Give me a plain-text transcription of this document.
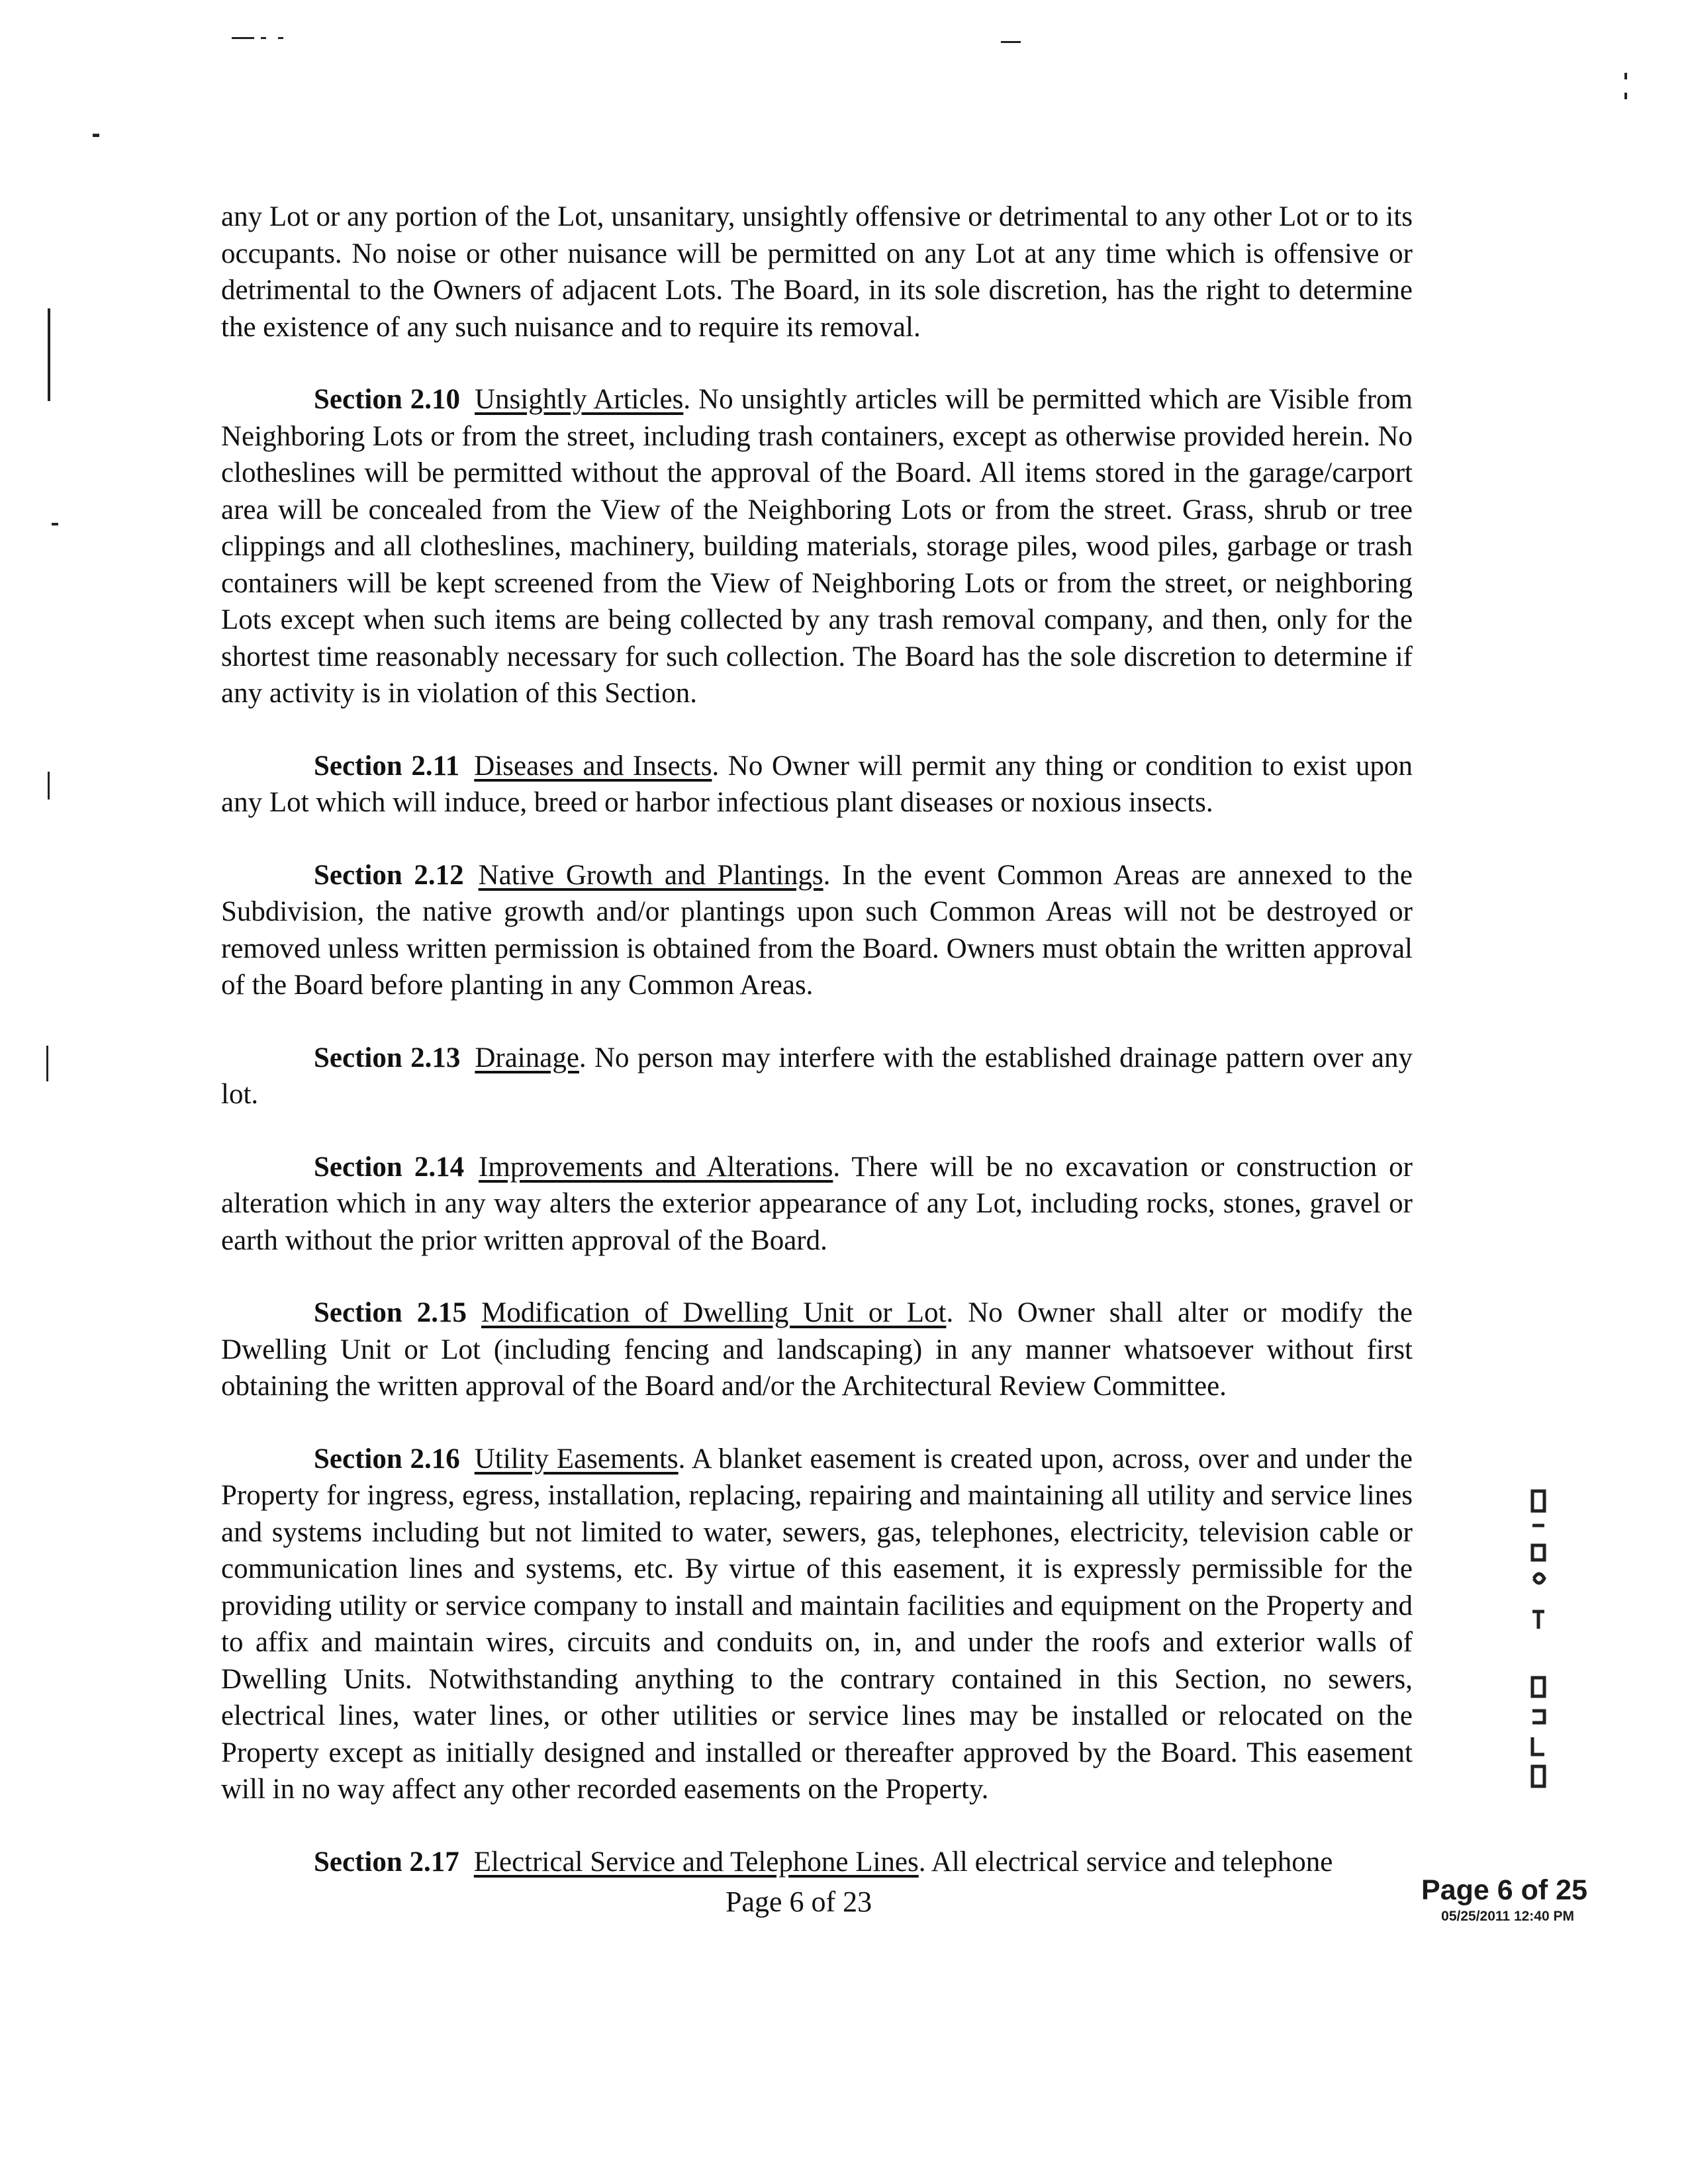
any Lot or any portion of the Lot, unsanitary, unsightly offensive or detrimental to any other Lot or to its occupants. No noise or other nuisance will be permitted on any Lot at any time which is offensive or detrimental to the Owners of adjacent Lots. The Board, in its sole discretion, has the right to determine the existence of any such nuisance and to require its removal.

Section 2.10 Unsightly Articles. No unsightly articles will be permitted which are Visible from Neighboring Lots or from the street, including trash containers, except as otherwise provided herein. No clotheslines will be permitted without the approval of the Board. All items stored in the garage/carport area will be concealed from the View of the Neighboring Lots or from the street. Grass, shrub or tree clippings and all clotheslines, machinery, building materials, storage piles, wood piles, garbage or trash containers will be kept screened from the View of Neighboring Lots or from the street, or neighboring Lots except when such items are being collected by any trash removal company, and then, only for the shortest time reasonably necessary for such collection. The Board has the sole discretion to determine if any activity is in violation of this Section.

Section 2.11 Diseases and Insects. No Owner will permit any thing or condition to exist upon any Lot which will induce, breed or harbor infectious plant diseases or noxious insects.

Section 2.12 Native Growth and Plantings. In the event Common Areas are annexed to the Subdivision, the native growth and/or plantings upon such Common Areas will not be destroyed or removed unless written permission is obtained from the Board. Owners must obtain the written approval of the Board before planting in any Common Areas.

Section 2.13 Drainage. No person may interfere with the established drainage pattern over any lot.

Section 2.14 Improvements and Alterations. There will be no excavation or construction or alteration which in any way alters the exterior appearance of any Lot, including rocks, stones, gravel or earth without the prior written approval of the Board.

Section 2.15 Modification of Dwelling Unit or Lot. No Owner shall alter or modify the Dwelling Unit or Lot (including fencing and landscaping) in any manner whatsoever without first obtaining the written approval of the Board and/or the Architectural Review Committee.

Section 2.16 Utility Easements. A blanket easement is created upon, across, over and under the Property for ingress, egress, installation, replacing, repairing and maintaining all utility and service lines and systems including but not limited to water, sewers, gas, telephones, electricity, television cable or communication lines and systems, etc. By virtue of this easement, it is expressly permissible for the providing utility or service company to install and maintain facilities and equipment on the Property and to affix and maintain wires, circuits and conduits on, in, and under the roofs and exterior walls of Dwelling Units. Notwithstanding anything to the contrary contained in this Section, no sewers, electrical lines, water lines, or other utilities or service lines may be installed or relocated on the Property except as initially designed and installed or thereafter approved by the Board. This easement will in no way affect any other recorded easements on the Property.

Section 2.17 Electrical Service and Telephone Lines. All electrical service and telephone

Page 6 of 23	Page 6 of 25
05/25/2011 12:40 PM
